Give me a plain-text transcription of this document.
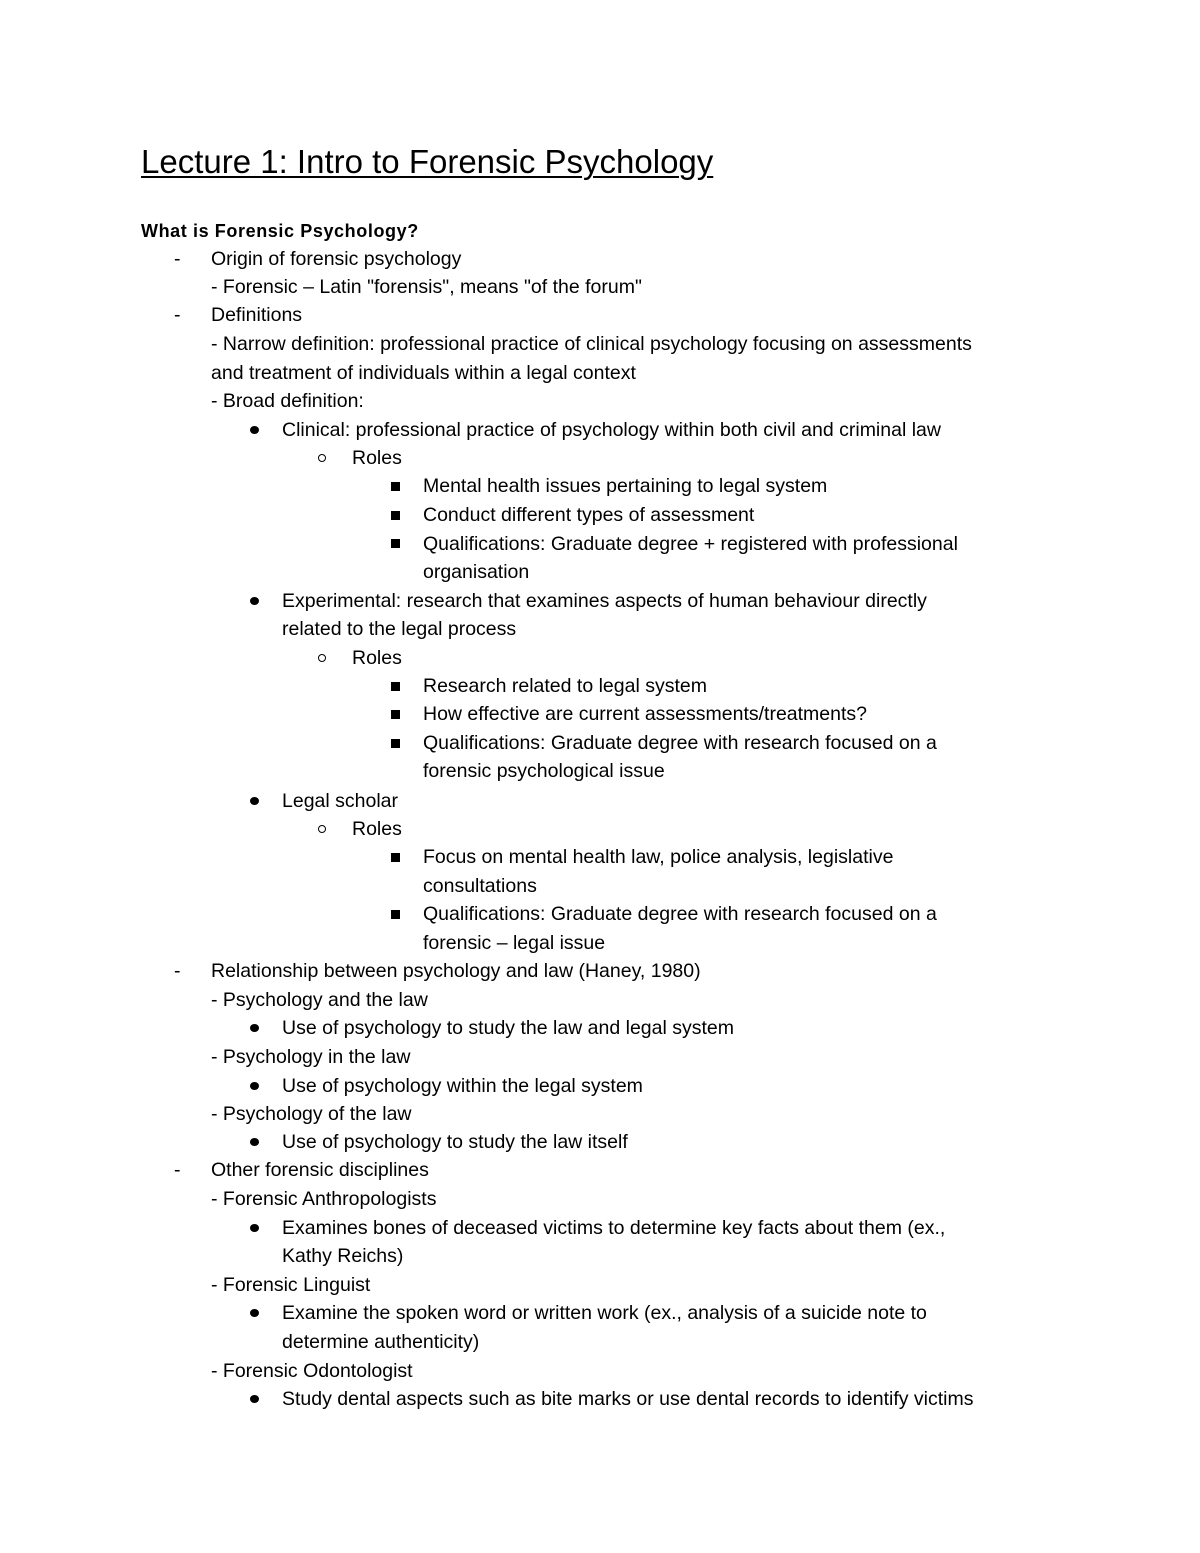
Lecture 1: Intro to Forensic Psychology
What is Forensic Psychology?
-
-
-
-
Origin of forensic psychology
- Forensic – Latin "forensis", means "of the forum"
Definitions
- Narrow definition: professional practice of clinical psychology focusing on assessments
and treatment of individuals within a legal context
- Broad definition:
Clinical: professional practice of psychology within both civil and criminal law
Roles
Mental health issues pertaining to legal system
Conduct different types of assessment
Qualifications: Graduate degree + registered with professional
organisation
Experimental: research that examines aspects of human behaviour directly
related to the legal process
Roles
Research related to legal system
How effective are current assessments/treatments?
Qualifications: Graduate degree with research focused on a
forensic psychological issue
Legal scholar
Roles
Focus on mental health law, police analysis, legislative
consultations
Qualifications: Graduate degree with research focused on a
forensic – legal issue
Relationship between psychology and law (Haney, 1980)
- Psychology and the law
Use of psychology to study the law and legal system
- Psychology in the law
Use of psychology within the legal system
- Psychology of the law
Use of psychology to study the law itself
Other forensic disciplines
- Forensic Anthropologists
Examines bones of deceased victims to determine key facts about them (ex.,
Kathy Reichs)
- Forensic Linguist
Examine the spoken word or written work (ex., analysis of a suicide note to
determine authenticity)
- Forensic Odontologist
Study dental aspects such as bite marks or use dental records to identify victims
